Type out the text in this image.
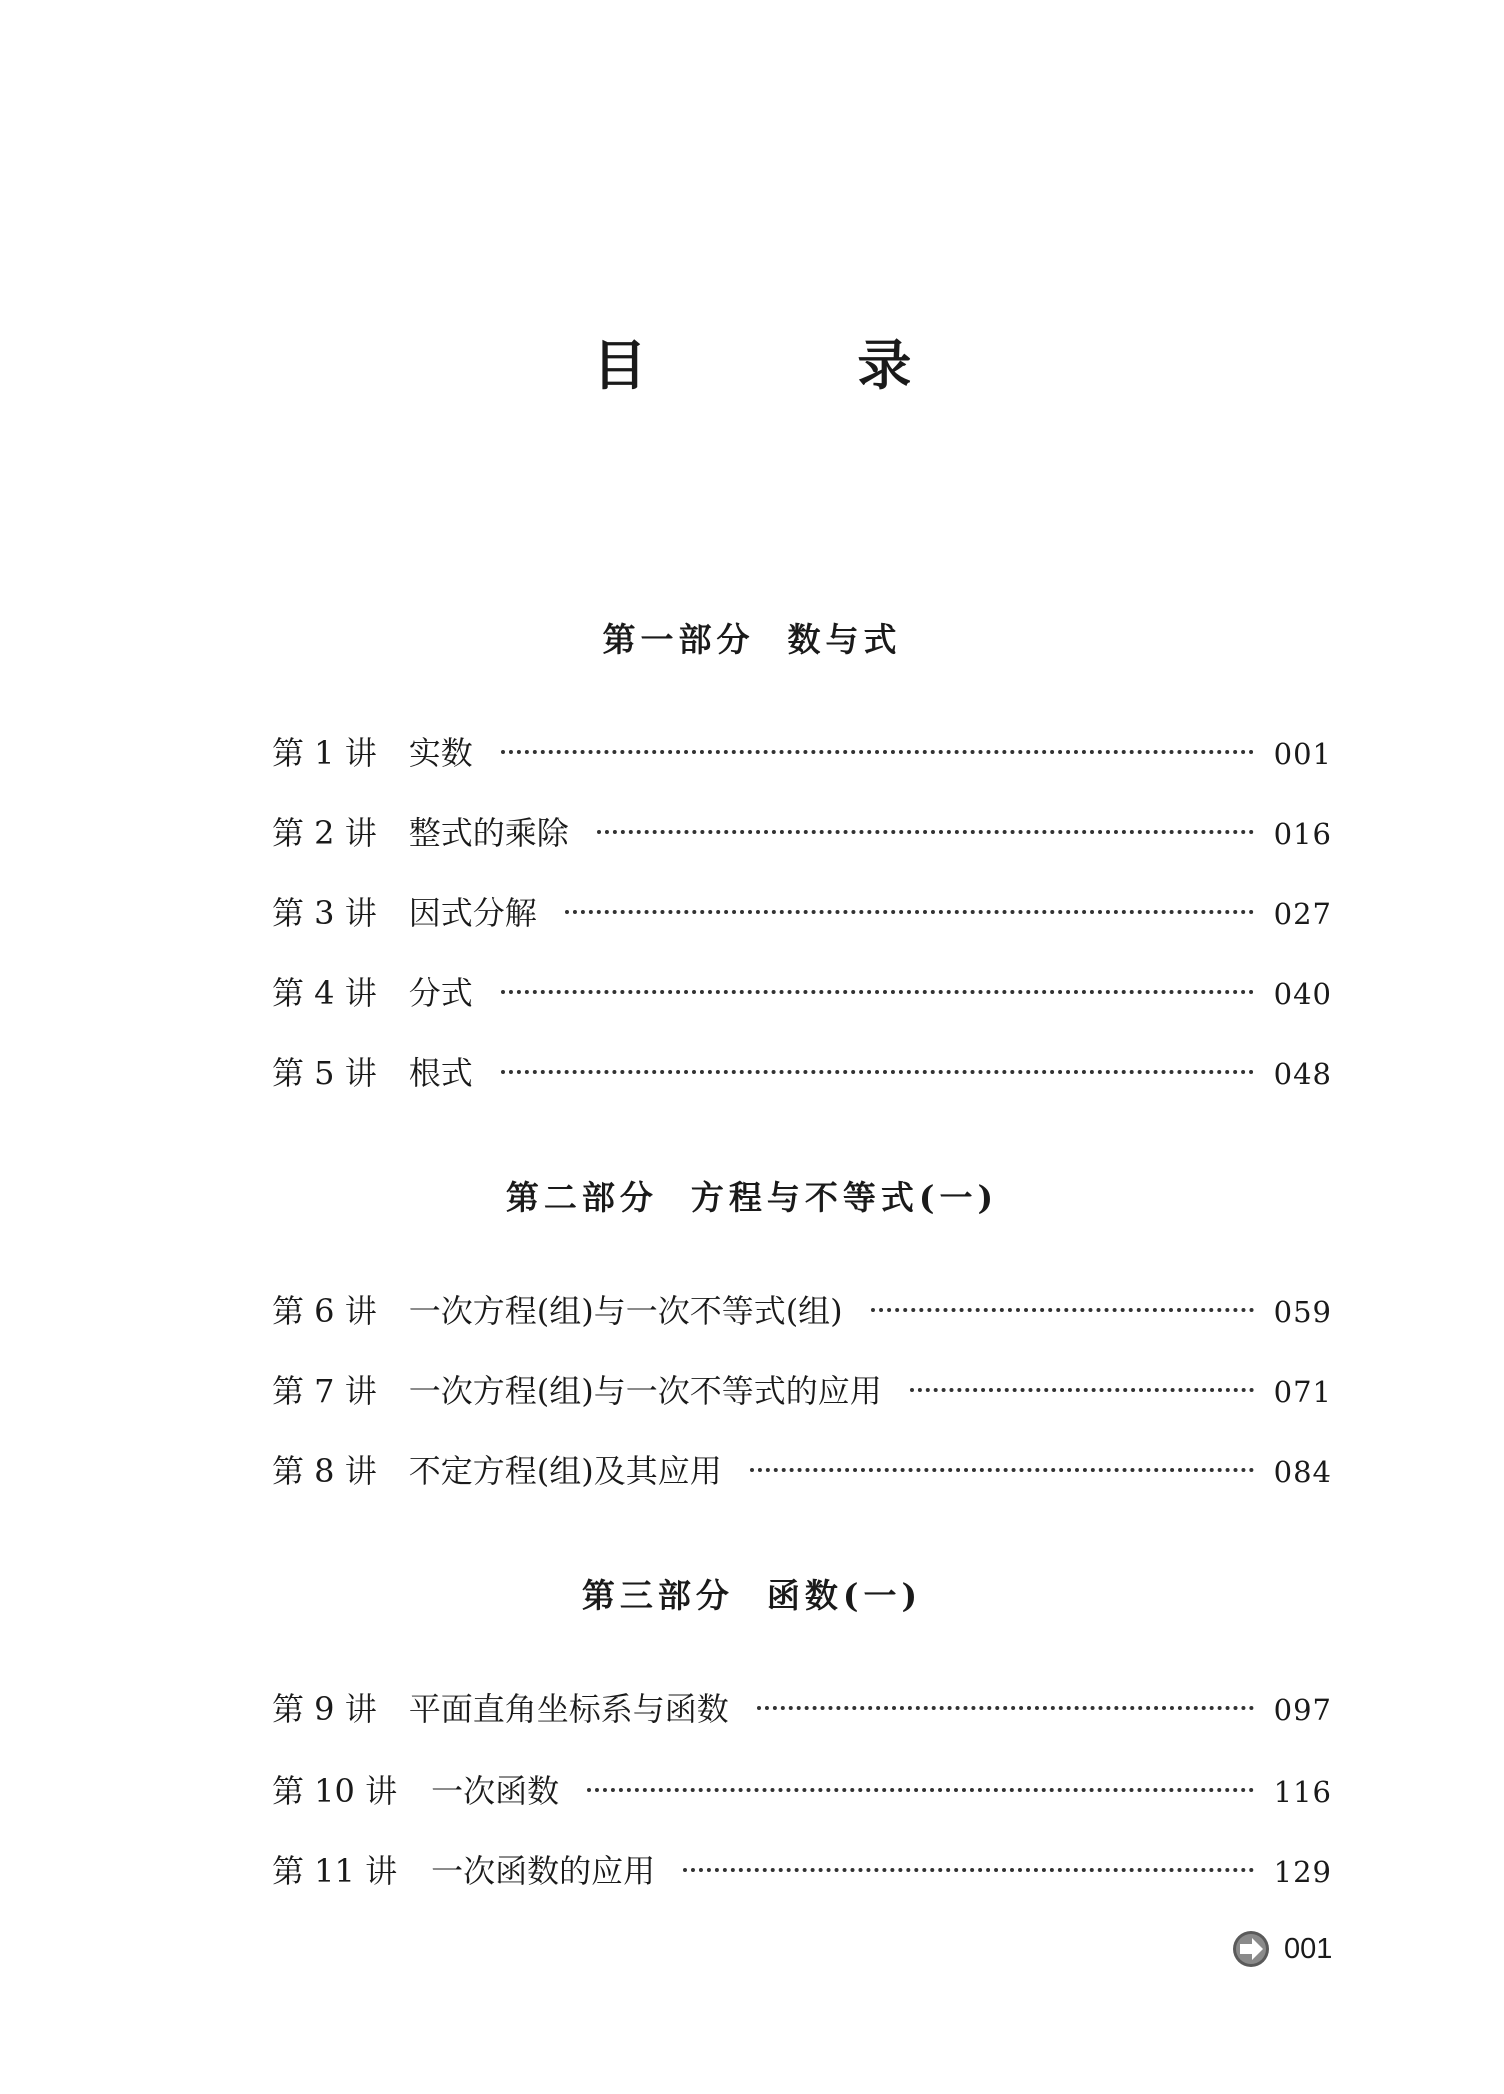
目 录
第一部分  数与式
第 1 讲 实数	001
第 2 讲 整式的乘除	016
第 3 讲 因式分解	027
第 4 讲 分式	040
第 5 讲 根式	048
第二部分  方程与不等式(一)
第 6 讲 一次方程(组)与一次不等式(组)	059
第 7 讲 一次方程(组)与一次不等式的应用	071
第 8 讲 不定方程(组)及其应用	084
第三部分  函数(一)
第 9 讲 平面直角坐标系与函数	097
第 10 讲 一次函数	116
第 11 讲 一次函数的应用	129
001
